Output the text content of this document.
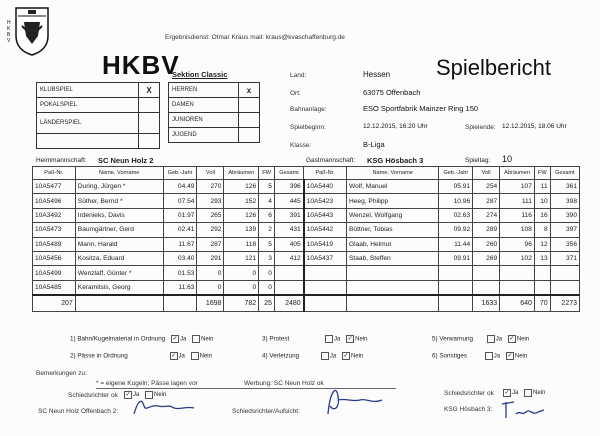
H
K
B
V
HKBV
Ergebnisdienst: Otmar Kraus mail: kraus@kvaschaffenburg.de
Sektion Classic	Spielbericht
KLUBSPIEL	X
POKALSPIEL	
LÄNDERSPIEL	

HERREN	x
DAMEN	
JUNIOREN	
JUGEND	
Land:	Hessen
Ort:	63075 Offenbach
Bahnanlage:	ESO Sportfabrik Mainzer Ring 150
Spielbeginn:	12.12.2015, 16.20 Uhr	Spielende: 12.12.2015, 18.06 Uhr
Klasse:	B-Liga
Heimmannschaft: SC Neun Holz 2	Gastmannschaft: KSG Hösbach 3	Spieltag: 10
Paß-Nr.	Name, Vorname	Geb.-Jahr	Voll	Abräumen	FW	Gesamt	Paß-Nr.	Name, Vorname	Geb.-Jahr	Voll	Abräumen	FW	Gesamt
10A5477	During, Jürgen *	04.49	270	126	5	396	10A5440	Wolf, Manuel	05.91	254	107	11	361
10A5496	Süther, Bernd *	07.54	293	152	4	445	10A5423	Heeg, Philipp	10.96	287	111	10	398
10A3492	Irdenieks, Davis	01.97	265	126	6	391	10A5443	Wenzel, Wolfgang	02.63	274	116	16	390
10A5473	Baumgärtner, Gerd	02.41	292	139	2	431	10A5442	Büttner, Tobias	09.92	289	108	8	397
10A5489	Mann, Harald	11.67	287	118	5	405	10A5419	Glaab, Helmut	11.44	260	96	12	356
10A5456	Kositza, Eduard	03.40	291	121	3	412	10A5437	Staab, Steffen	09.91	269	102	13	371
10A5499	Wenzlaff, Günter *	01.53	0	0	0								
10A5485	Keramitsis, Georg	11.63	0	0	0								
207			1698	782	25	2480				1633	640	70	2273
1) Bahn/Kugelmaterial in Ordnung ✓ Ja Nein	3) Protest	Ja ✓ Nein	5) Verwarnung	Ja ✓ Nein
2) Pässe in Ordnung	✓ Ja Nein	4) Verletzung	Ja ✓ Nein	6) Sonstiges	Ja ✓ Nein
Bemerkungen zu:
* = eigene Kugeln; Pässe lagen vor	Werbung: SC Neun Holz ok
Schiedsrichter ok ✓ Ja Nein	Schiedsrichter ok ✓ Ja Nein
SC Neun Holz Offenbach 2:	Schiedsrichter/Aufsicht:	KSG Hösbach 3:
